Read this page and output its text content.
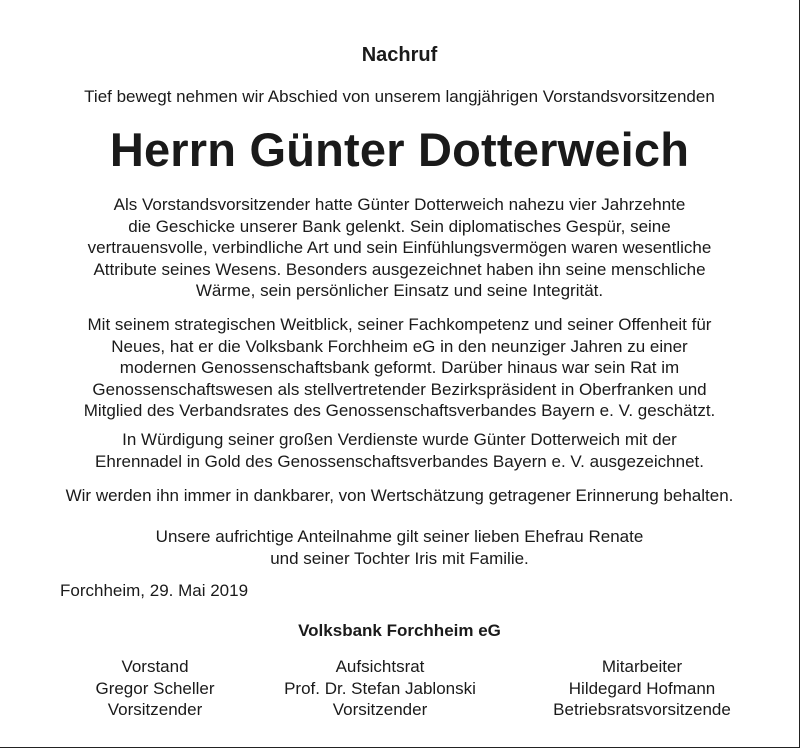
Nachruf

Tief bewegt nehmen wir Abschied von unserem langjährigen Vorstandsvorsitzenden

Herrn Günter Dotterweich

Als Vorstandsvorsitzender hatte Günter Dotterweich nahezu vier Jahrzehnte
die Geschicke unserer Bank gelenkt. Sein diplomatisches Gespür, seine
vertrauensvolle, verbindliche Art und sein Einfühlungsvermögen waren wesentliche
Attribute seines Wesens. Besonders ausgezeichnet haben ihn seine menschliche
Wärme, sein persönlicher Einsatz und seine Integrität.

Mit seinem strategischen Weitblick, seiner Fachkompetenz und seiner Offenheit für
Neues, hat er die Volksbank Forchheim eG in den neunziger Jahren zu einer
modernen Genossenschaftsbank geformt. Darüber hinaus war sein Rat im
Genossenschaftswesen als stellvertretender Bezirkspräsident in Oberfranken und
Mitglied des Verbandsrates des Genossenschaftsverbandes Bayern e. V. geschätzt.

In Würdigung seiner großen Verdienste wurde Günter Dotterweich mit der
Ehrennadel in Gold des Genossenschaftsverbandes Bayern e. V. ausgezeichnet.

Wir werden ihn immer in dankbarer, von Wertschätzung getragener Erinnerung behalten.

Unsere aufrichtige Anteilnahme gilt seiner lieben Ehefrau Renate
und seiner Tochter Iris mit Familie.

Forchheim, 29. Mai 2019

Volksbank Forchheim eG

Vorstand
Gregor Scheller
Vorsitzender
Aufsichtsrat
Prof. Dr. Stefan Jablonski
Vorsitzender
Mitarbeiter
Hildegard Hofmann
Betriebsratsvorsitzende
